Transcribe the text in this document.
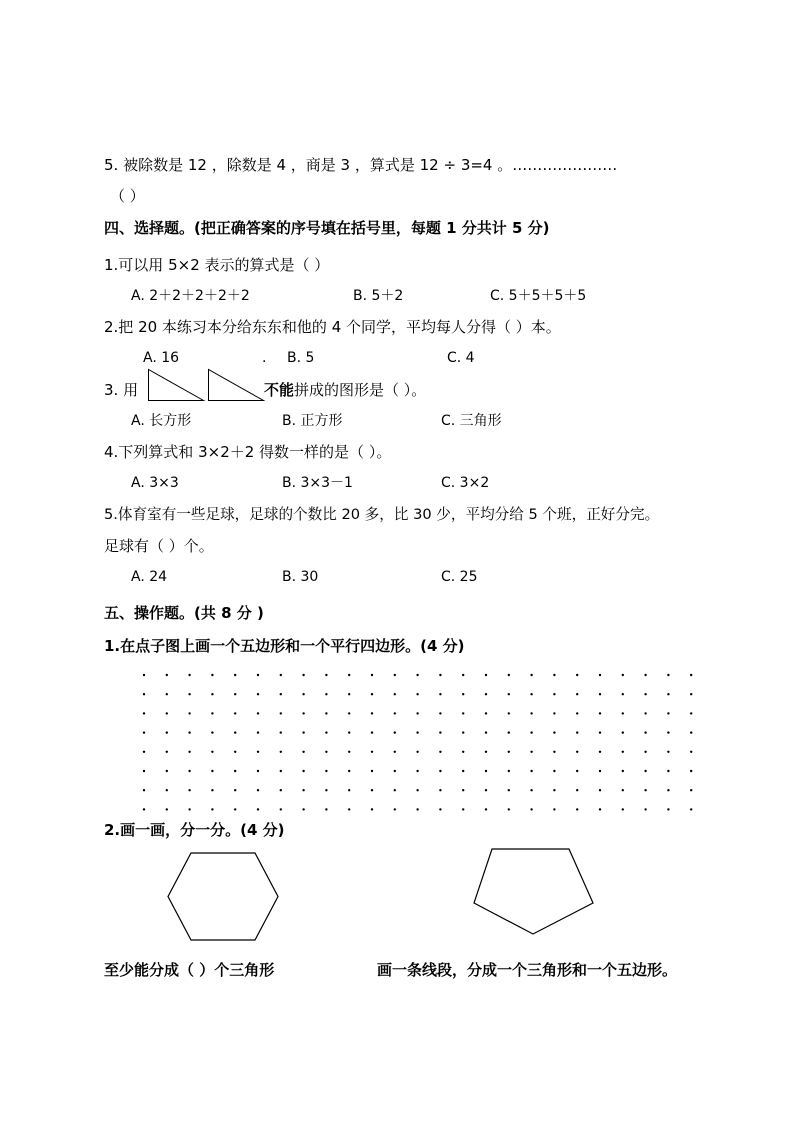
5. 被除数是 12 ，除数是 4 ，商是 3 ，算式是 12 ÷ 3=4 。…………………
（ ）
四、选择题。(把正确答案的序号填在括号里，每题 1 分共计 5 分)
1.可以用 5×2 表示的算式是（ ）
A. 2＋2＋2＋2＋2	B. 5＋2	C. 5＋5＋5＋5
2.把 20 本练习本分给东东和他的 4 个同学，平均每人分得（ ）本。
A. 16	. B. 5	C. 4
3. 用	不能拼成的图形是（ ）。
A. 长方形	B. 正方形	C. 三角形
4.下列算式和 3×2＋2 得数一样的是（ ）。
A. 3×3	B. 3×3－1	C. 3×2
5.体育室有一些足球，足球的个数比 20 多，比 30 少，平均分给 5 个班，正好分完。
足球有（ ）个。
A. 24	B. 30	C. 25
五、操作题。(共 8 分 )
1.在点子图上画一个五边形和一个平行四边形。(4 分)
2.画一画，分一分。(4 分)
至少能分成（ ）个三角形	画一条线段，分成一个三角形和一个五边形。
